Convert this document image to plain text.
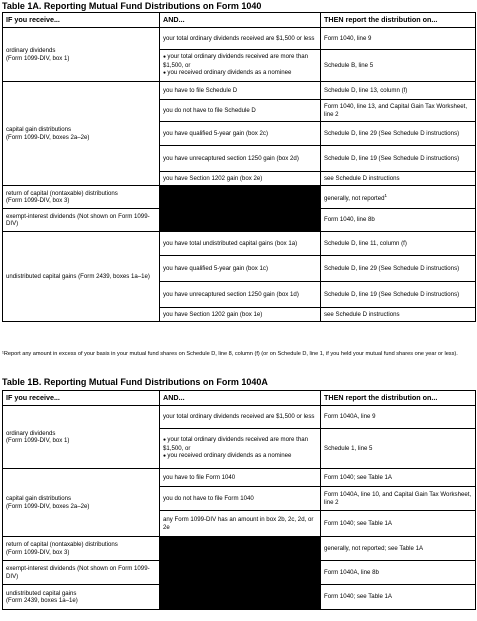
Table 1A. Reporting Mutual Fund Distributions on Form 1040
IF you receive...	AND...	THEN report the distribution on...
ordinary dividends
(Form 1099-DIV, box 1)	your total ordinary dividends received are $1,500 or less	Form 1040, line 9

	● your total ordinary dividends received are more than $1,500, or
● you received ordinary dividends as a nominee	Schedule B, line 5
capital gain distributions
(Form 1099-DIV, boxes 2a–2e)	you have to file Schedule D	Schedule D, line 13, column (f)
	you do not have to file Schedule D	Form 1040, line 13, and Capital Gain Tax Worksheet, line 2
	you have qualified 5-year gain (box 2c)	Schedule D, line 29 (See Schedule D instructions)
	you have unrecaptured section 1250 gain (box 2d)	Schedule D, line 19 (See Schedule D instructions)
	you have Section 1202 gain (box 2e)	see Schedule D instructions
return of capital (nontaxable) distributions
(Form 1099-DIV, box 3)		generally, not reported$^1$
exempt-interest dividends (Not shown on Form 1099-DIV)		Form 1040, line 8b
undistributed capital gains (Form 2439, boxes 1a–1e)	you have total undistributed capital gains (box 1a)	Schedule D, line 11, column (f)
	you have qualified 5-year gain (box 1c)	Schedule D, line 29 (See Schedule D instructions)
	you have unrecaptured section 1250 gain (box 1d)	Schedule D, line 19 (See Schedule D instructions)
	you have Section 1202 gain (box 1e)	see Schedule D instructions
¹Report any amount in excess of your basis in your mutual fund shares on Schedule D, line 8, column (f) (or on Schedule D, line 1, if you held your mutual fund shares one year or less).
Table 1B. Reporting Mutual Fund Distributions on Form 1040A
IF you receive...	AND...	THEN report the distribution on...
ordinary dividends
(Form 1099-DIV, box 1)	your total ordinary dividends received are $1,500 or less	Form 1040A, line 9

	● your total ordinary dividends received are more than $1,500, or
● you received ordinary dividends as a nominee	Schedule 1, line 5
capital gain distributions
(Form 1099-DIV, boxes 2a–2e)	you have to file Form 1040	Form 1040; see Table 1A
	you do not have to file Form 1040	Form 1040A, line 10, and Capital Gain Tax Worksheet, line 2
	any Form 1099-DIV has an amount in box 2b, 2c, 2d, or 2e	Form 1040; see Table 1A
return of capital (nontaxable) distributions
(Form 1099-DIV, box 3)		generally, not reported; see Table 1A
exempt-interest dividends (Not shown on Form 1099-DIV)		Form 1040A, line 8b
undistributed capital gains
(Form 2439, boxes 1a–1e)		Form 1040; see Table 1A
